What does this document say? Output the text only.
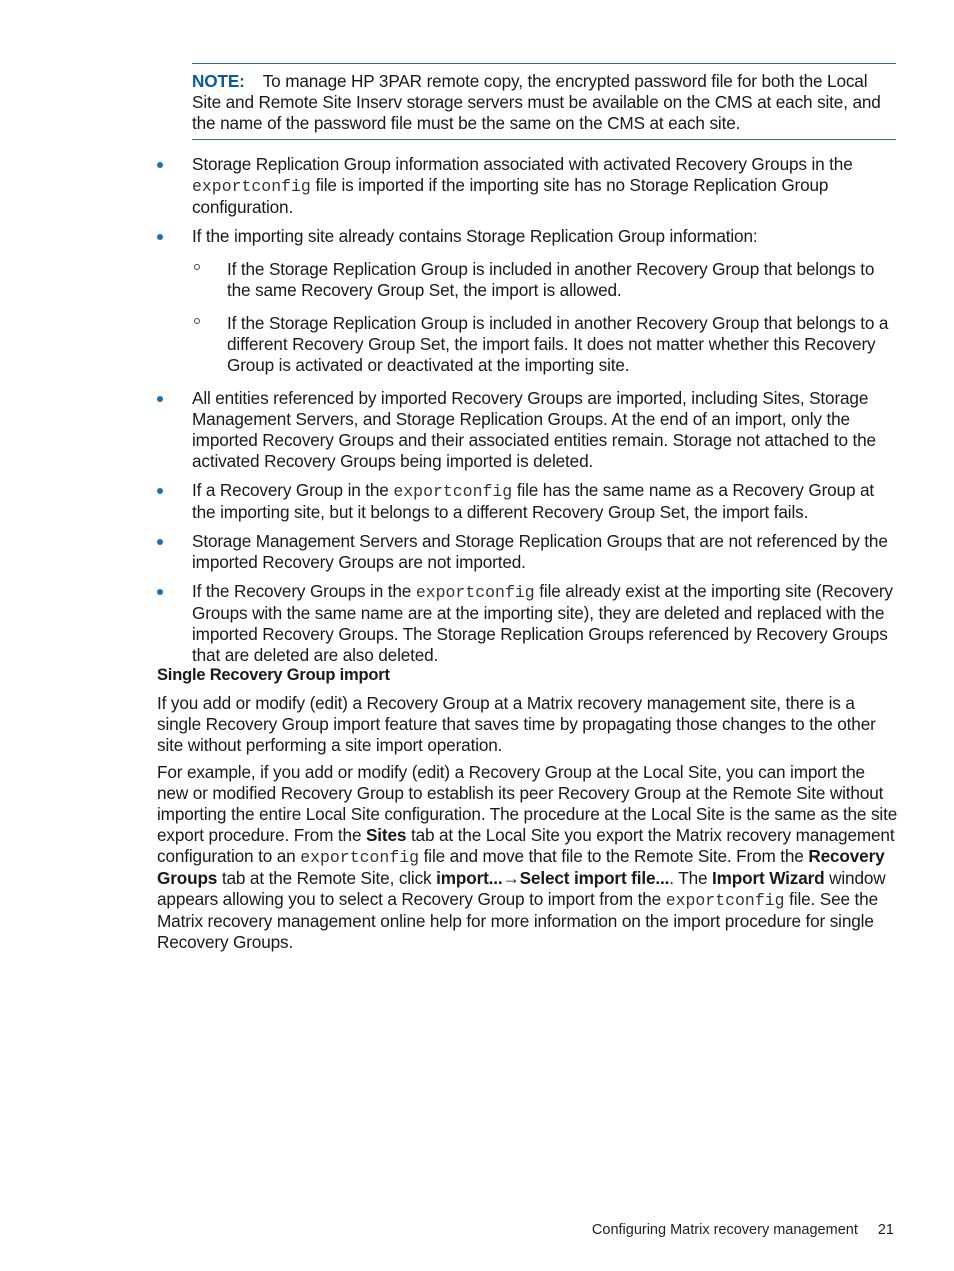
NOTE: To manage HP 3PAR remote copy, the encrypted password file for both the Local Site and Remote Site Inserv storage servers must be available on the CMS at each site, and the name of the password file must be the same on the CMS at each site.
Storage Replication Group information associated with activated Recovery Groups in the exportconfig file is imported if the importing site has no Storage Replication Group configuration.
If the importing site already contains Storage Replication Group information:
If the Storage Replication Group is included in another Recovery Group that belongs to the same Recovery Group Set, the import is allowed.
If the Storage Replication Group is included in another Recovery Group that belongs to a different Recovery Group Set, the import fails. It does not matter whether this Recovery Group is activated or deactivated at the importing site.
All entities referenced by imported Recovery Groups are imported, including Sites, Storage Management Servers, and Storage Replication Groups. At the end of an import, only the imported Recovery Groups and their associated entities remain. Storage not attached to the activated Recovery Groups being imported is deleted.
If a Recovery Group in the exportconfig file has the same name as a Recovery Group at the importing site, but it belongs to a different Recovery Group Set, the import fails.
Storage Management Servers and Storage Replication Groups that are not referenced by the imported Recovery Groups are not imported.
If the Recovery Groups in the exportconfig file already exist at the importing site (Recovery Groups with the same name are at the importing site), they are deleted and replaced with the imported Recovery Groups. The Storage Replication Groups referenced by Recovery Groups that are deleted are also deleted.
Single Recovery Group import

If you add or modify (edit) a Recovery Group at a Matrix recovery management site, there is a single Recovery Group import feature that saves time by propagating those changes to the other site without performing a site import operation.

For example, if you add or modify (edit) a Recovery Group at the Local Site, you can import the new or modified Recovery Group to establish its peer Recovery Group at the Remote Site without importing the entire Local Site configuration. The procedure at the Local Site is the same as the site export procedure. From the Sites tab at the Local Site you export the Matrix recovery management configuration to an exportconfig file and move that file to the Remote Site. From the Recovery Groups tab at the Remote Site, click import...→Select import file.... The Import Wizard window appears allowing you to select a Recovery Group to import from the exportconfig file. See the Matrix recovery management online help for more information on the import procedure for single Recovery Groups.

Configuring Matrix recovery management 21
